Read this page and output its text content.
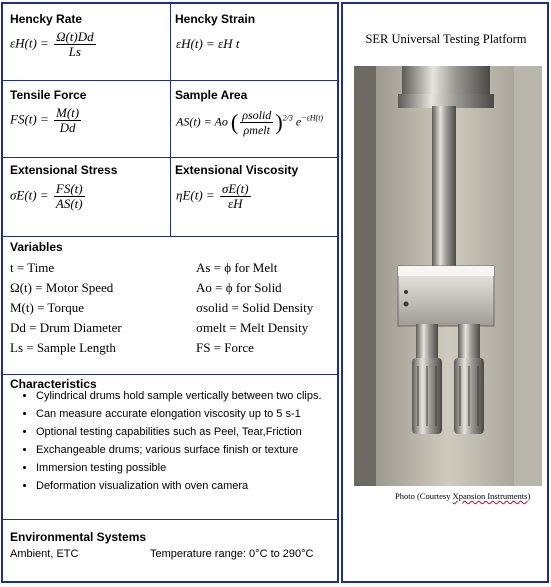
Hencky Rate
ε̇H(t) = $\frac{\Omega(t)Dd}{Ls}$
Hencky Strain
εH(t) = ε̇H t
Tensile Force
$FS(t) = \frac{M(t)}{Dd}$
Sample Area
AS(t) = Ao ( $\frac{\text{ρsolid}}{\text{ρmelt}} )^{2/3}$ $e^{-\varepsilon H(t)}$
Extensional Stress
$\sigma E(t) = \frac{FS(t)}{AS(t)}$
Extensional Viscosity
$\eta E(t) = \frac{\sigma E(t)}{\varepsiloṅH}$
Variables
t = Time
Ω(t) = Motor Speed
M(t) = Torque
Dd = Drum Diameter
Ls = Sample Length
As = ϕ for Melt
Ao = ϕ for Solid
σsolid = Solid Density
σmelt = Melt Density
FS = Force
Characteristics
• Cylindrical drums hold sample vertically between two clips.
• Can measure accurate elongation viscosity up to 5 s-1
• Optional testing capabilities such as Peel, Tear,Friction
• Exchangeable drums; various surface finish or texture
• Immersion testing possible
• Deformation visualization with oven camera
Environmental Systems
Ambient, ETC	Temperature range: 0°C to 290°C
SER Universal Testing Platform
Photo (Courtesy Xpansion Instruments)
